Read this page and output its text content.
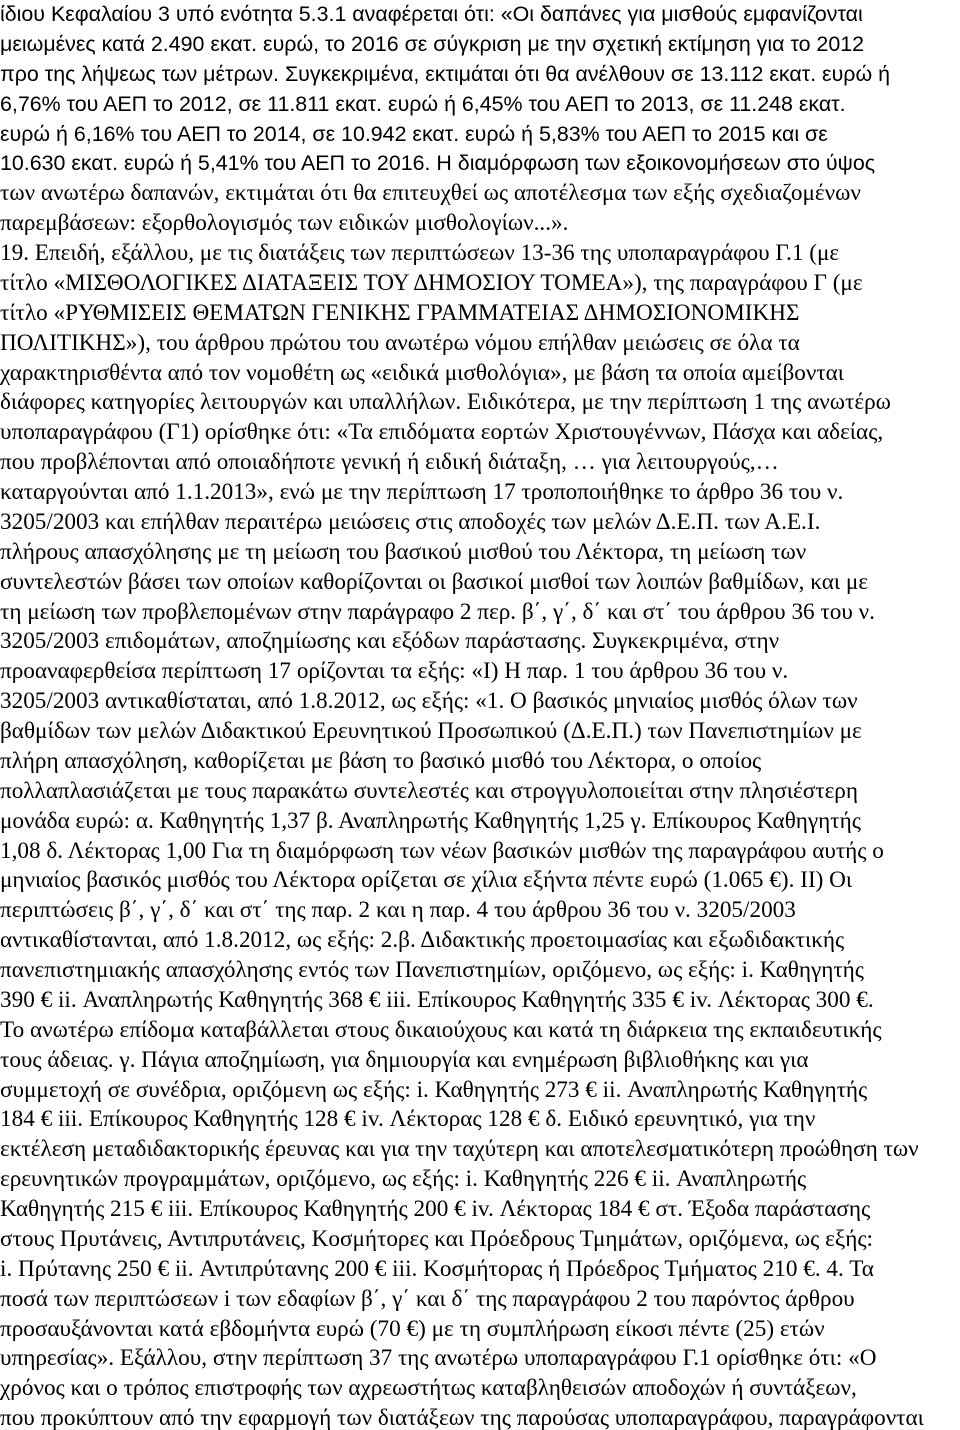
ίδιου Κεφαλαίου 3 υπό ενότητα 5.3.1 αναφέρεται ότι: «Οι δαπάνες για μισθούς εμφανίζονται
μειωμένες κατά 2.490 εκατ. ευρώ, το 2016 σε σύγκριση με την σχετική εκτίμηση για το 2012
προ της λήψεως των μέτρων. Συγκεκριμένα, εκτιμάται ότι θα ανέλθουν σε 13.112 εκατ. ευρώ ή
6,76% του ΑΕΠ το 2012, σε 11.811 εκατ. ευρώ ή 6,45% του ΑΕΠ το 2013, σε 11.248 εκατ.
ευρώ ή 6,16% του ΑΕΠ το 2014, σε 10.942 εκατ. ευρώ ή 5,83% του ΑΕΠ το 2015 και σε
10.630 εκατ. ευρώ ή 5,41% του ΑΕΠ το 2016. Η διαμόρφωση των εξοικονομήσεων στο ύψος
των ανωτέρω δαπανών, εκτιμάται ότι θα επιτευχθεί ως αποτέλεσμα των εξής σχεδιαζομένων
παρεμβάσεων: εξορθολογισμός των ειδικών μισθολογίων...».
19. Επειδή, εξάλλου, με τις διατάξεις των περιπτώσεων 13-36 της υποπαραγράφου Γ.1 (με
τίτλο «ΜΙΣΘΟΛΟΓΙΚΕΣ ΔΙΑΤΑΞΕΙΣ ΤΟΥ ΔΗΜΟΣΙΟΥ ΤΟΜΕΑ»), της παραγράφου Γ (με
τίτλο «ΡΥΘΜΙΣΕΙΣ ΘΕΜΑΤΩΝ ΓΕΝΙΚΗΣ ΓΡΑΜΜΑΤΕΙΑΣ ΔΗΜΟΣΙΟΝΟΜΙΚΗΣ
ΠΟΛΙΤΙΚΗΣ»), του άρθρου πρώτου του ανωτέρω νόμου επήλθαν μειώσεις σε όλα τα
χαρακτηρισθέντα από τον νομοθέτη ως «ειδικά μισθολόγια», με βάση τα οποία αμείβονται
διάφορες κατηγορίες λειτουργών και υπαλλήλων. Ειδικότερα, με την περίπτωση 1 της ανωτέρω
υποπαραγράφου (Γ1) ορίσθηκε ότι: «Τα επιδόματα εορτών Χριστουγέννων, Πάσχα και αδείας,
που προβλέπονται από οποιαδήποτε γενική ή ειδική διάταξη, … για λειτουργούς,…
καταργούνται από 1.1.2013», ενώ με την περίπτωση 17 τροποποιήθηκε το άρθρο 36 του ν.
3205/2003 και επήλθαν περαιτέρω μειώσεις στις αποδοχές των μελών Δ.Ε.Π. των Α.Ε.Ι.
πλήρους απασχόλησης με τη μείωση του βασικού μισθού του Λέκτορα, τη μείωση των
συντελεστών βάσει των οποίων καθορίζονται οι βασικοί μισθοί των λοιπών βαθμίδων, και με
τη μείωση των προβλεπομένων στην παράγραφο 2 περ. β΄, γ΄, δ΄ και στ΄ του άρθρου 36 του ν.
3205/2003 επιδομάτων, αποζημίωσης και εξόδων παράστασης. Συγκεκριμένα, στην
προαναφερθείσα περίπτωση 17 ορίζονται τα εξής: «Ι) Η παρ. 1 του άρθρου 36 του ν.
3205/2003 αντικαθίσταται, από 1.8.2012, ως εξής: «1. Ο βασικός μηνιαίος μισθός όλων των
βαθμίδων των μελών Διδακτικού Ερευνητικού Προσωπικού (Δ.Ε.Π.) των Πανεπιστημίων με
πλήρη απασχόληση, καθορίζεται με βάση το βασικό μισθό του Λέκτορα, ο οποίος
πολλαπλασιάζεται με τους παρακάτω συντελεστές και στρογγυλοποιείται στην πλησιέστερη
μονάδα ευρώ: α. Καθηγητής 1,37 β. Αναπληρωτής Καθηγητής 1,25 γ. Επίκουρος Καθηγητής
1,08 δ. Λέκτορας 1,00 Για τη διαμόρφωση των νέων βασικών μισθών της παραγράφου αυτής ο
μηνιαίος βασικός μισθός του Λέκτορα ορίζεται σε χίλια εξήντα πέντε ευρώ (1.065 €). ΙΙ) Οι
περιπτώσεις β΄, γ΄, δ΄ και στ΄ της παρ. 2 και η παρ. 4 του άρθρου 36 του ν. 3205/2003
αντικαθίστανται, από 1.8.2012, ως εξής: 2.β. Διδακτικής προετοιμασίας και εξωδιδακτικής
πανεπιστημιακής απασχόλησης εντός των Πανεπιστημίων, οριζόμενο, ως εξής: i. Καθηγητής
390 € ii. Αναπληρωτής Καθηγητής 368 € iii. Επίκουρος Καθηγητής 335 € iv. Λέκτορας 300 €.
Το ανωτέρω επίδομα καταβάλλεται στους δικαιούχους και κατά τη διάρκεια της εκπαιδευτικής
τους άδειας. γ. Πάγια αποζημίωση, για δημιουργία και ενημέρωση βιβλιοθήκης και για
συμμετοχή σε συνέδρια, οριζόμενη ως εξής: i. Καθηγητής 273 € ii. Αναπληρωτής Καθηγητής
184 € iii. Επίκουρος Καθηγητής 128 € iv. Λέκτορας 128 € δ. Ειδικό ερευνητικό, για την
εκτέλεση μεταδιδακτορικής έρευνας και για την ταχύτερη και αποτελεσματικότερη προώθηση των
ερευνητικών προγραμμάτων, οριζόμενο, ως εξής: i. Καθηγητής 226 € ii. Αναπληρωτής
Καθηγητής 215 € iii. Επίκουρος Καθηγητής 200 € iv. Λέκτορας 184 € στ. Έξοδα παράστασης
στους Πρυτάνεις, Αντιπρυτάνεις, Κοσμήτορες και Πρόεδρους Τμημάτων, οριζόμενα, ως εξής:
i. Πρύτανης 250 € ii. Αντιπρύτανης 200 € iii. Κοσμήτορας ή Πρόεδρος Τμήματος 210 €. 4. Τα
ποσά των περιπτώσεων i των εδαφίων β΄, γ΄ και δ΄ της παραγράφου 2 του παρόντος άρθρου
προσαυξάνονται κατά εβδομήντα ευρώ (70 €) με τη συμπλήρωση είκοσι πέντε (25) ετών
υπηρεσίας». Εξάλλου, στην περίπτωση 37 της ανωτέρω υποπαραγράφου Γ.1 ορίσθηκε ότι: «Ο
χρόνος και ο τρόπος επιστροφής των αχρεωστήτως καταβληθεισών αποδοχών ή συντάξεων,
που προκύπτουν από την εφαρμογή των διατάξεων της παρούσας υποπαραγράφου, παραγράφονται
